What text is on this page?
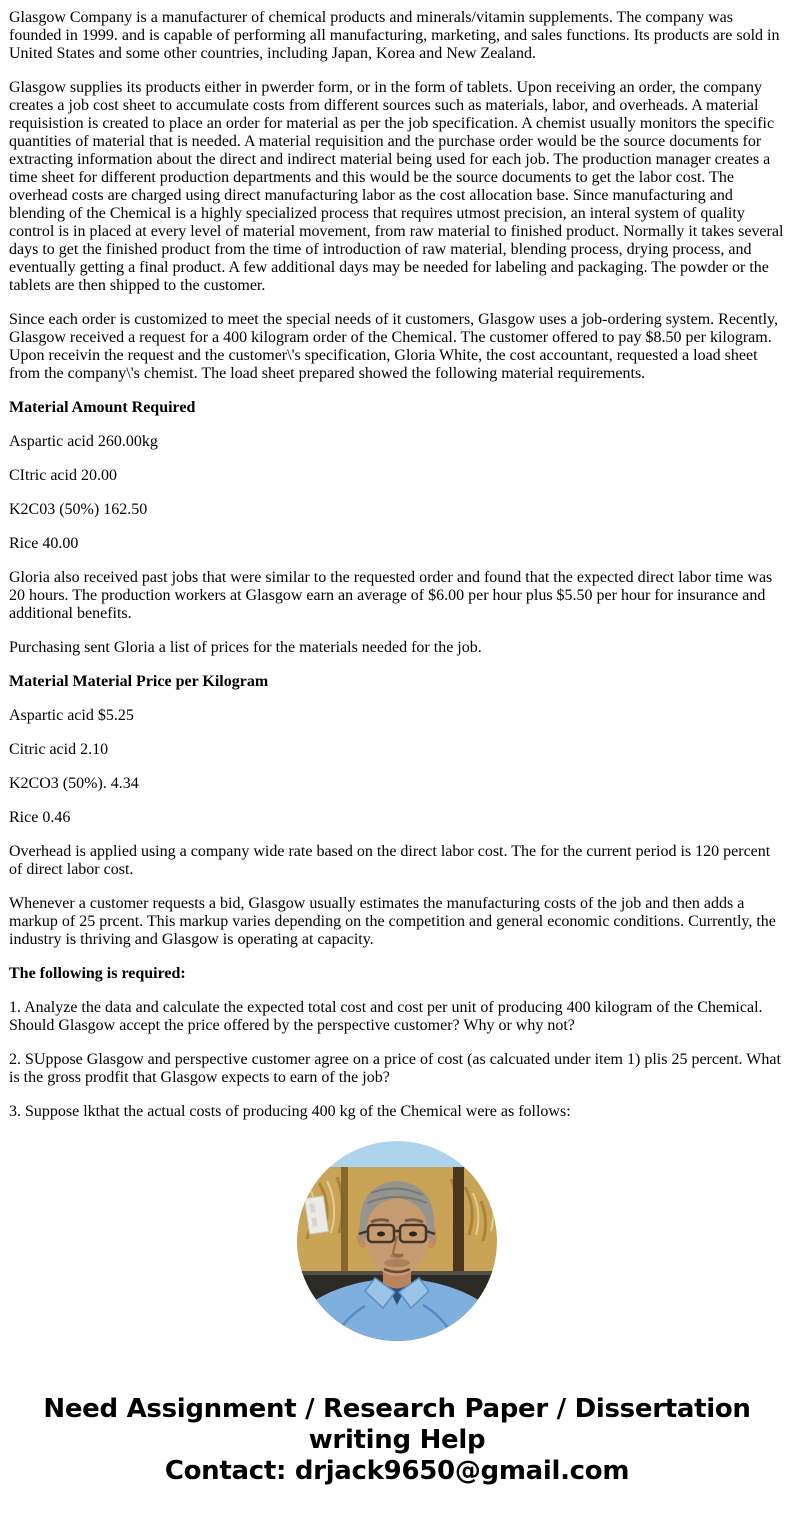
Glasgow Company is a manufacturer of chemical products and minerals/vitamin supplements. The company was founded in 1999. and is capable of performing all manufacturing, marketing, and sales functions. Its products are sold in United States and some other countries, including Japan, Korea and New Zealand.

Glasgow supplies its products either in pwerder form, or in the form of tablets. Upon receiving an order, the company creates a job cost sheet to accumulate costs from different sources such as materials, labor, and overheads. A material requisistion is created to place an order for material as per the job specification. A chemist usually monitors the specific quantities of material that is needed. A material requisition and the purchase order would be the source documents for extracting information about the direct and indirect material being used for each job. The production manager creates a time sheet for different production departments and this would be the source documents to get the labor cost. The overhead costs are charged using direct manufacturing labor as the cost allocation base. Since manufacturing and blending of the Chemical is a highly specialized process that requires utmost precision, an interal system of quality control is in placed at every level of material movement, from raw material to finished product. Normally it takes several days to get the finished product from the time of introduction of raw material, blending process, drying process, and eventually getting a final product. A few additional days may be needed for labeling and packaging. The powder or the tablets are then shipped to the customer.

Since each order is customized to meet the special needs of it customers, Glasgow uses a job-ordering system. Recently, Glasgow received a request for a 400 kilogram order of the Chemical. The customer offered to pay $8.50 per kilogram. Upon receivin the request and the customer\'s specification, Gloria White, the cost accountant, requested a load sheet from the company\'s chemist. The load sheet prepared showed the following material requirements.

Material Amount Required

Aspartic acid 260.00kg

CItric acid 20.00

K2C03 (50%) 162.50

Rice 40.00

Gloria also received past jobs that were similar to the requested order and found that the expected direct labor time was 20 hours. The production workers at Glasgow earn an average of $6.00 per hour plus $5.50 per hour for insurance and additional benefits.

Purchasing sent Gloria a list of prices for the materials needed for the job.

Material Material Price per Kilogram

Aspartic acid $5.25

Citric acid 2.10

K2CO3 (50%). 4.34

Rice 0.46

Overhead is applied using a company wide rate based on the direct labor cost. The for the current period is 120 percent of direct labor cost.

Whenever a customer requests a bid, Glasgow usually estimates the manufacturing costs of the job and then adds a markup of 25 prcent. This markup varies depending on the competition and general economic conditions. Currently, the industry is thriving and Glasgow is operating at capacity.

The following is required:

1. Analyze the data and calculate the expected total cost and cost per unit of producing 400 kilogram of the Chemical. Should Glasgow accept the price offered by the perspective customer? Why or why not?

2. SUppose Glasgow and perspective customer agree on a price of cost (as calcuated under item 1) plis 25 percent. What is the gross prodfit that Glasgow expects to earn of the job?

3. Suppose lkthat the actual costs of producing 400 kg of the Chemical were as follows:

Need Assignment / Research Paper / Dissertation
writing Help
Contact: drjack9650@gmail.com
